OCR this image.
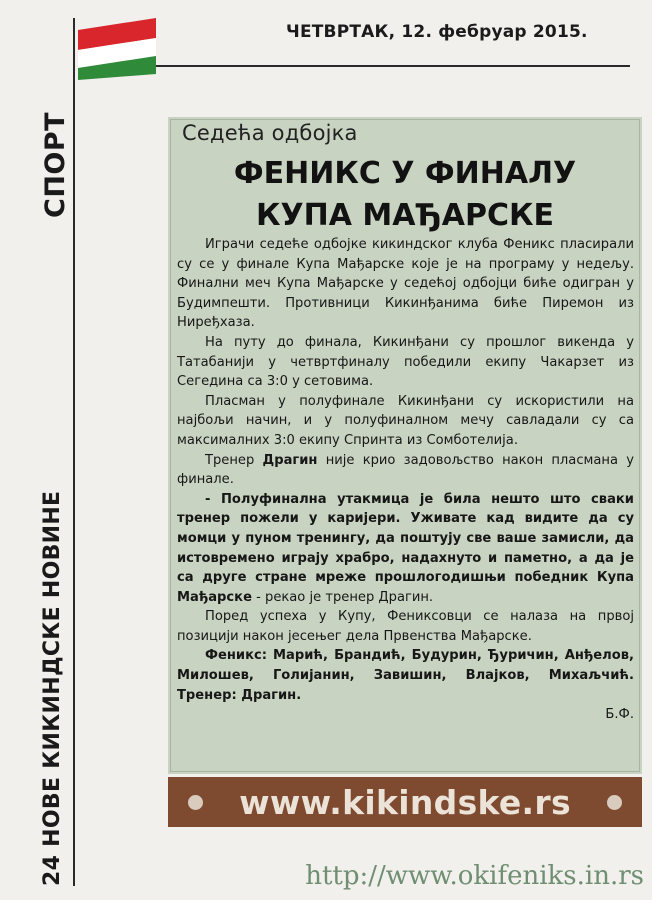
СПОРТ
24 НОВЕ КИКИНДСКЕ НОВИНЕ
ЧЕТВРТАК, 12. фебруар 2015.
Седећа одбојка
ФЕНИКС У ФИНАЛУ
КУПА МАЂАРСКЕ

Играчи седеће одбојке кикиндског клуба Феникс пласирали су се у финале Купа Мађарске које је на програму у недељу. Финални меч Купа Мађарске у седећој одбојци биће одигран у Будимпешти. Противници Кикинђанима биће Пиремон из Нирeђхаза.

На путу до финала, Кикинђани су прошлог викенда у Татабанији у четвртфиналу победили екипу Чакарзет из Сегедина са 3:0 у сетовима.

Пласман у полуфинале Кикинђани су искористили на најбољи начин, и у полуфиналном мечу савладали су са максималних 3:0 екипу Спринта из Сомботелија.

Тренер Драгин није крио задовољство након пласмана у финале.

- Полуфинална утакмица је била нешто што сваки тренер пожели у каријери. Уживате кад видите да су момци у пуном тренингу, да поштују све ваше замисли, да истовремено играју храбро, надахнуто и паметно, а да је са друге стране мреже прошлогодишњи победник Купа Мађарске - рекао је тренер Драгин.

Поред успеха у Купу, Фениксовци се налаза на првој позицији након јесењег дела Првенства Мађарске.

Феникс: Марић, Брандић, Будурин, Ђуричин, Анђелов, Милошев, Голијанин, Завишин, Влајков, Михаљчић. Тренер: Драгин.

Б.Ф.
www.kikindske.rs
http://www.okifeniks.in.rs
